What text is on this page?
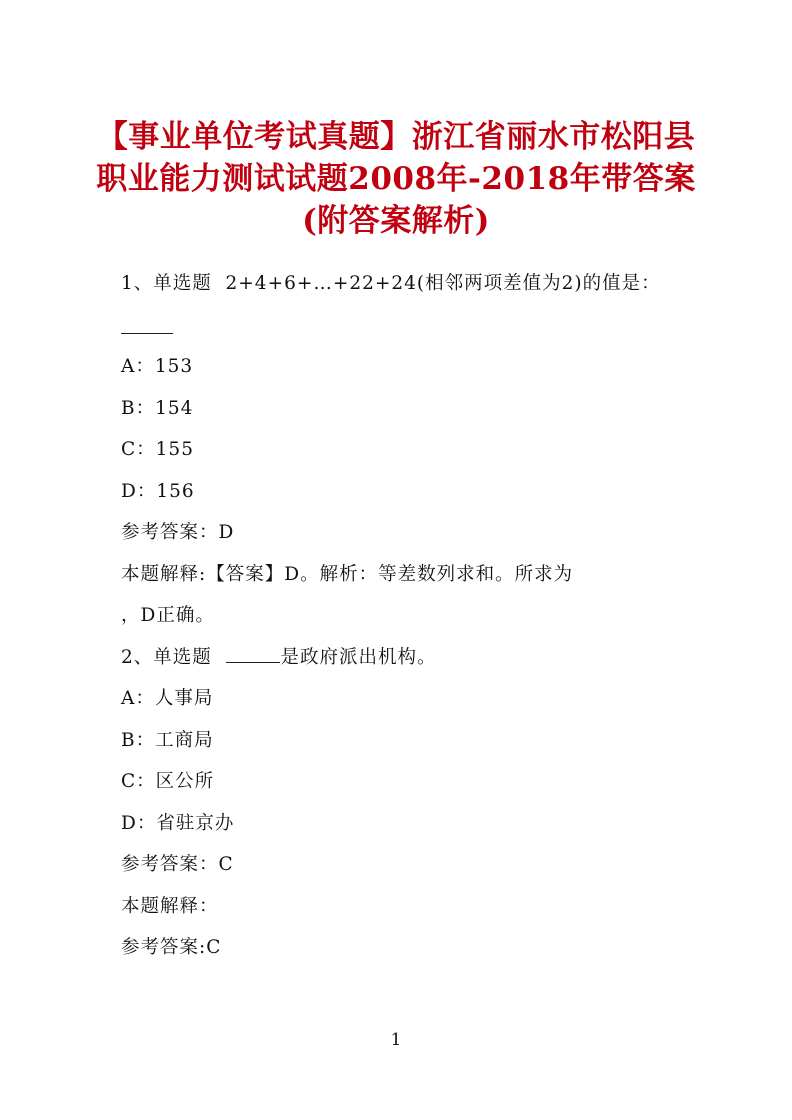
【事业单位考试真题】浙江省丽水市松阳县
职业能力测试试题2008年-2018年带答案
(附答案解析)
1、单选题  2+4+6+…+22+24(相邻两项差值为2)的值是：
A：153
B：154
C：155
D：156
参考答案：D
本题解释:【答案】D。解析：等差数列求和。所求为
，D正确。
2、单选题	是政府派出机构。
A：人事局
B：工商局
C：区公所
D：省驻京办
参考答案：C
本题解释：
参考答案:C
1
